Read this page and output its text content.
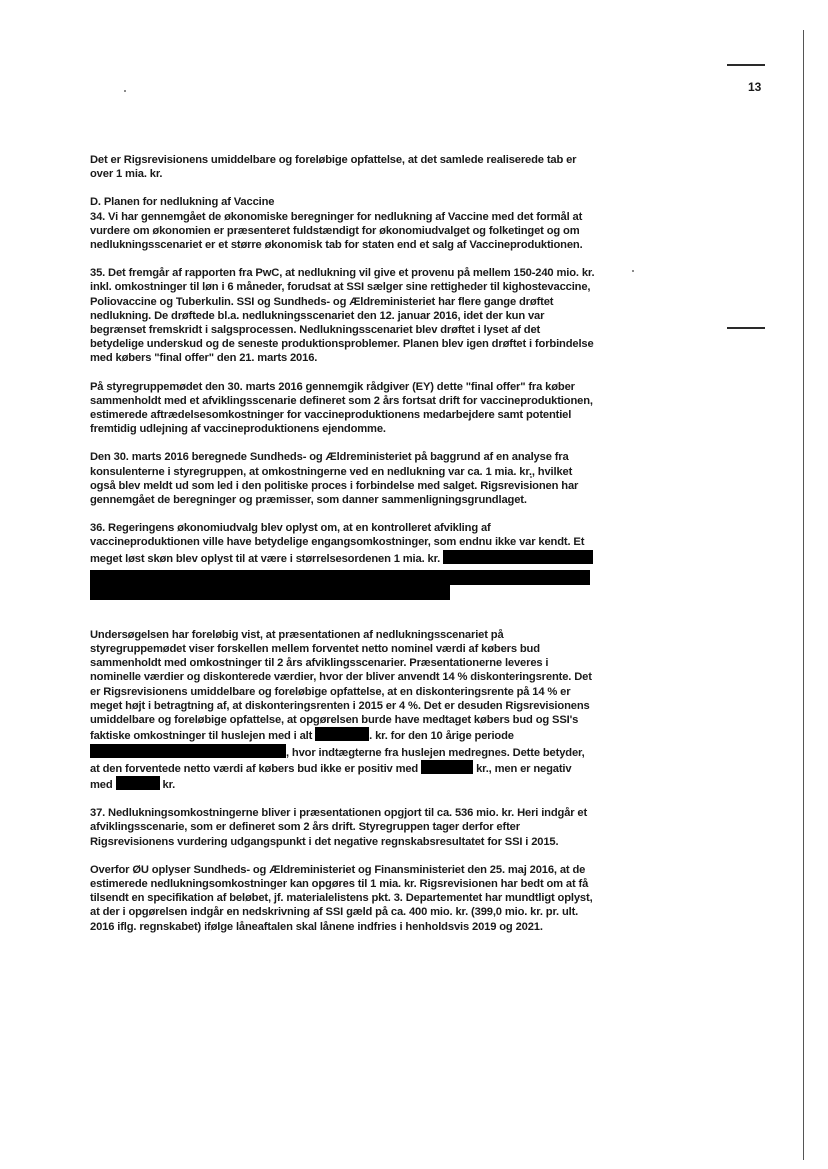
13

Det er Rigsrevisionens umiddelbare og foreløbige opfattelse, at det samlede realiserede tab er over 1 mia. kr.

D. Planen for nedlukning af Vaccine

34. Vi har gennemgået de økonomiske beregninger for nedlukning af Vaccine med det formål at vurdere om økonomien er præsenteret fuldstændigt for økonomiudvalget og folketinget og om nedlukningsscenariet er et større økonomisk tab for staten end et salg af Vaccineproduktionen.

35. Det fremgår af rapporten fra PwC, at nedlukning vil give et provenu på mellem 150-240 mio. kr. inkl. omkostninger til løn i 6 måneder, forudsat at SSI sælger sine rettigheder til kighostevaccine, Poliovaccine og Tuberkulin. SSI og Sundheds- og Ældreministeriet har flere gange drøftet nedlukning. De drøftede bl.a. nedlukningsscenariet den 12. januar 2016, idet der kun var begrænset fremskridt i salgsprocessen. Nedlukningsscenariet blev drøftet i lyset af det betydelige underskud og de seneste produktionsproblemer. Planen blev igen drøftet i forbindelse med købers "final offer" den 21. marts 2016.

På styregruppemødet den 30. marts 2016 gennemgik rådgiver (EY) dette "final offer" fra køber sammenholdt med et afviklingsscenarie defineret som 2 års fortsat drift for vaccineproduktionen, estimerede aftrædelsesomkostninger for vaccineproduktionens medarbejdere samt potentiel fremtidig udlejning af vaccineproduktionens ejendomme.

Den 30. marts 2016 beregnede Sundheds- og Ældreministeriet på baggrund af en analyse fra konsulenterne i styregruppen, at omkostningerne ved en nedlukning var ca. 1 mia. kr., hvilket også blev meldt ud som led i den politiske proces i forbindelse med salget. Rigsrevisionen har gennemgået de beregninger og præmisser, som danner sammenligningsgrundlaget.

36. Regeringens økonomiudvalg blev oplyst om, at en kontrolleret afvikling af vaccineproduktionen ville have betydelige engangsomkostninger, som endnu ikke var kendt. Et meget løst skøn blev oplyst til at være i størrelsesordenen 1 mia. kr.

Undersøgelsen har foreløbig vist, at præsentationen af nedlukningsscenariet på styregruppemødet viser forskellen mellem forventet netto nominel værdi af købers bud sammenholdt med omkostninger til 2 års afviklingsscenarier. Præsentationerne leveres i nominelle værdier og diskonterede værdier, hvor der bliver anvendt 14 % diskonteringsrente. Det er Rigsrevisionens umiddelbare og foreløbige opfattelse, at en diskonteringsrente på 14 % er meget højt i betragtning af, at diskonteringsrenten i 2015 er 4 %. Det er desuden Rigsrevisionens umiddelbare og foreløbige opfattelse, at opgørelsen burde have medtaget købers bud og SSI's faktiske omkostninger til huslejen med i alt	. kr. for den 10 årige periode , hvor indtægterne fra huslejen medregnes. Dette betyder, at den forventede netto værdi af købers bud ikke er positiv med	kr., men er negativ med	kr.

37. Nedlukningsomkostningerne bliver i præsentationen opgjort til ca. 536 mio. kr. Heri indgår et afviklingsscenarie, som er defineret som 2 års drift. Styregruppen tager derfor efter Rigsrevisionens vurdering udgangspunkt i det negative regnskabsresultatet for SSI i 2015.

Overfor ØU oplyser Sundheds- og Ældreministeriet og Finansministeriet den 25. maj 2016, at de estimerede nedlukningsomkostninger kan opgøres til 1 mia. kr. Rigsrevisionen har bedt om at få tilsendt en specifikation af beløbet, jf. materialelistens pkt. 3. Departementet har mundtligt oplyst, at der i opgørelsen indgår en nedskrivning af SSI gæld på ca. 400 mio. kr. (399,0 mio. kr. pr. ult. 2016 iflg. regnskabet) ifølge låneaftalen skal lånene indfries i henholdsvis 2019 og 2021.
